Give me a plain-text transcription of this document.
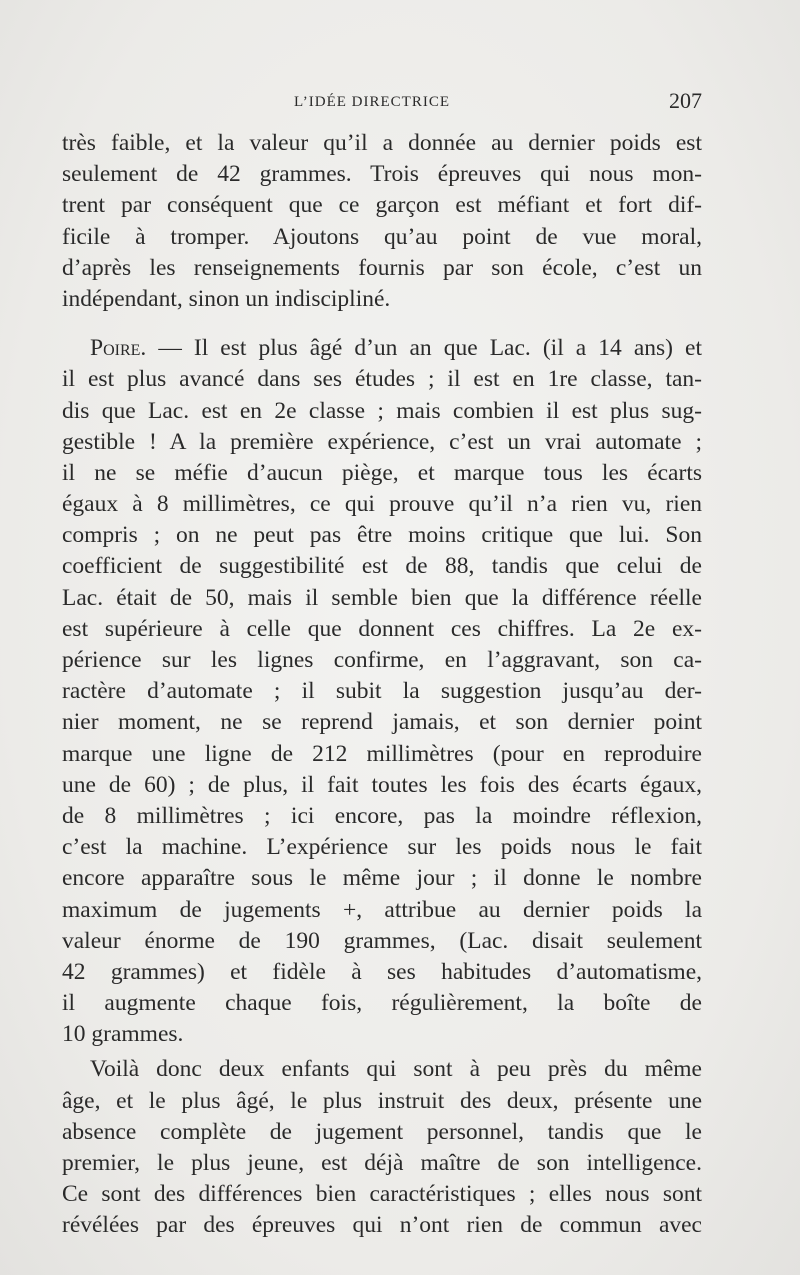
L’IDÉE DIRECTRICE	207
très faible, et la valeur qu’il a donnée au dernier poids est
seulement de 42 grammes. Trois épreuves qui nous mon-
trent par conséquent que ce garçon est méfiant et fort dif-
ficile à tromper. Ajoutons qu’au point de vue moral,
d’après les renseignements fournis par son école, c’est un
indépendant, sinon un indiscipliné.
Poire. — Il est plus âgé d’un an que Lac. (il a 14 ans) et
il est plus avancé dans ses études ; il est en 1re classe, tan-
dis que Lac. est en 2e classe ; mais combien il est plus sug-
gestible ! A la première expérience, c’est un vrai automate ;
il ne se méfie d’aucun piège, et marque tous les écarts
égaux à 8 millimètres, ce qui prouve qu’il n’a rien vu, rien
compris ; on ne peut pas être moins critique que lui. Son
coefficient de suggestibilité est de 88, tandis que celui de
Lac. était de 50, mais il semble bien que la différence réelle
est supérieure à celle que donnent ces chiffres. La 2e ex-
périence sur les lignes confirme, en l’aggravant, son ca-
ractère d’automate ; il subit la suggestion jusqu’au der-
nier moment, ne se reprend jamais, et son dernier point
marque une ligne de 212 millimètres (pour en reproduire
une de 60) ; de plus, il fait toutes les fois des écarts égaux,
de 8 millimètres ; ici encore, pas la moindre réflexion,
c’est la machine. L’expérience sur les poids nous le fait
encore apparaître sous le même jour ; il donne le nombre
maximum de jugements +, attribue au dernier poids la
valeur énorme de 190 grammes, (Lac. disait seulement
42 grammes) et fidèle à ses habitudes d’automatisme,
il augmente chaque fois, régulièrement, la boîte de
10 grammes.
Voilà donc deux enfants qui sont à peu près du même
âge, et le plus âgé, le plus instruit des deux, présente une
absence complète de jugement personnel, tandis que le
premier, le plus jeune, est déjà maître de son intelligence.
Ce sont des différences bien caractéristiques ; elles nous sont
révélées par des épreuves qui n’ont rien de commun avec
